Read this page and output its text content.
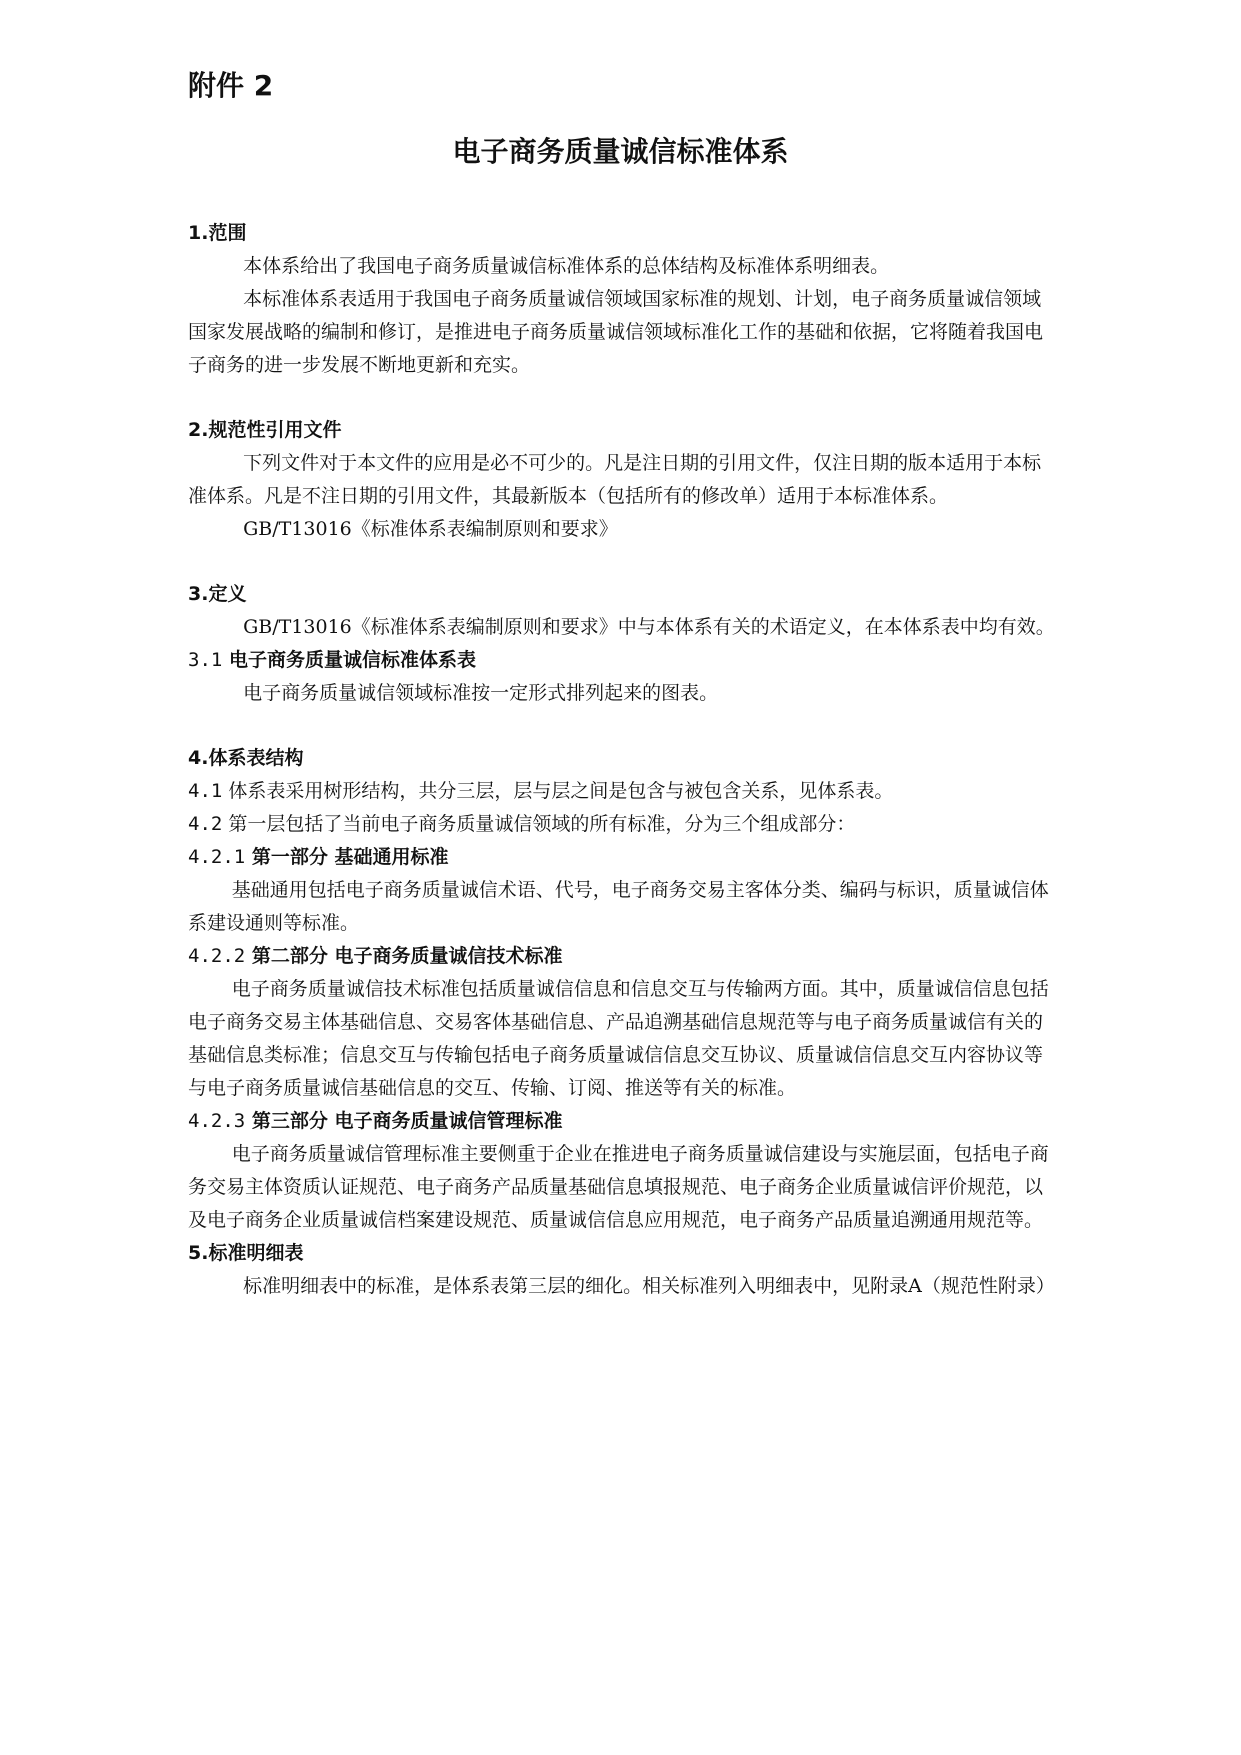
附件 2

电子商务质量诚信标准体系

1.范围

本体系给出了我国电子商务质量诚信标准体系的总体结构及标准体系明细表。

本标准体系表适用于我国电子商务质量诚信领域国家标准的规划、计划，电子商务质量诚信领域国家发展战略的编制和修订，是推进电子商务质量诚信领域标准化工作的基础和依据，它将随着我国电子商务的进一步发展不断地更新和充实。

2.规范性引用文件

下列文件对于本文件的应用是必不可少的。凡是注日期的引用文件，仅注日期的版本适用于本标准体系。凡是不注日期的引用文件，其最新版本（包括所有的修改单）适用于本标准体系。

GB/T13016《标准体系表编制原则和要求》

3.定义

GB/T13016《标准体系表编制原则和要求》中与本体系有关的术语定义，在本体系表中均有效。

3.1 电子商务质量诚信标准体系表

电子商务质量诚信领域标准按一定形式排列起来的图表。

4.体系表结构

4.1 体系表采用树形结构，共分三层，层与层之间是包含与被包含关系，见体系表。

4.2 第一层包括了当前电子商务质量诚信领域的所有标准，分为三个组成部分：

4.2.1 第一部分 基础通用标准

基础通用包括电子商务质量诚信术语、代号，电子商务交易主客体分类、编码与标识，质量诚信体系建设通则等标准。

4.2.2 第二部分 电子商务质量诚信技术标准

电子商务质量诚信技术标准包括质量诚信信息和信息交互与传输两方面。其中，质量诚信信息包括电子商务交易主体基础信息、交易客体基础信息、产品追溯基础信息规范等与电子商务质量诚信有关的基础信息类标准；信息交互与传输包括电子商务质量诚信信息交互协议、质量诚信信息交互内容协议等与电子商务质量诚信基础信息的交互、传输、订阅、推送等有关的标准。

4.2.3 第三部分 电子商务质量诚信管理标准

电子商务质量诚信管理标准主要侧重于企业在推进电子商务质量诚信建设与实施层面，包括电子商务交易主体资质认证规范、电子商务产品质量基础信息填报规范、电子商务企业质量诚信评价规范，以及电子商务企业质量诚信档案建设规范、质量诚信信息应用规范，电子商务产品质量追溯通用规范等。

5.标准明细表

标准明细表中的标准，是体系表第三层的细化。相关标准列入明细表中，见附录A（规范性附录）
